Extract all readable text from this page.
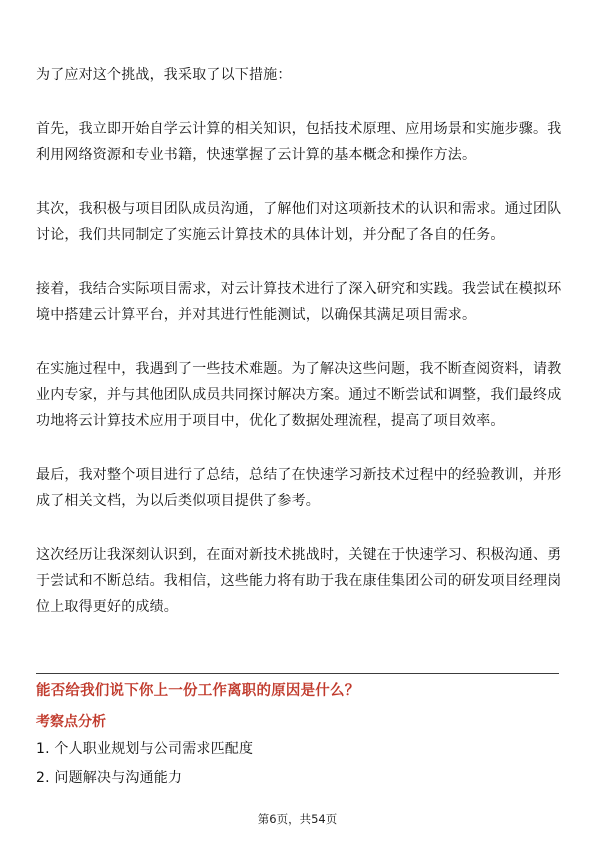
为了应对这个挑战，我采取了以下措施：

首先，我立即开始自学云计算的相关知识，包括技术原理、应用场景和实施步骤。我利用网络资源和专业书籍，快速掌握了云计算的基本概念和操作方法。

其次，我积极与项目团队成员沟通，了解他们对这项新技术的认识和需求。通过团队讨论，我们共同制定了实施云计算技术的具体计划，并分配了各自的任务。

接着，我结合实际项目需求，对云计算技术进行了深入研究和实践。我尝试在模拟环境中搭建云计算平台，并对其进行性能测试，以确保其满足项目需求。

在实施过程中，我遇到了一些技术难题。为了解决这些问题，我不断查阅资料，请教业内专家，并与其他团队成员共同探讨解决方案。通过不断尝试和调整，我们最终成功地将云计算技术应用于项目中，优化了数据处理流程，提高了项目效率。

最后，我对整个项目进行了总结，总结了在快速学习新技术过程中的经验教训，并形成了相关文档，为以后类似项目提供了参考。

这次经历让我深刻认识到，在面对新技术挑战时，关键在于快速学习、积极沟通、勇于尝试和不断总结。我相信，这些能力将有助于我在康佳集团公司的研发项目经理岗位上取得更好的成绩。

能否给我们说下你上一份工作离职的原因是什么？
考察点分析
1. 个人职业规划与公司需求匹配度
2. 问题解决与沟通能力
第6页，共54页
